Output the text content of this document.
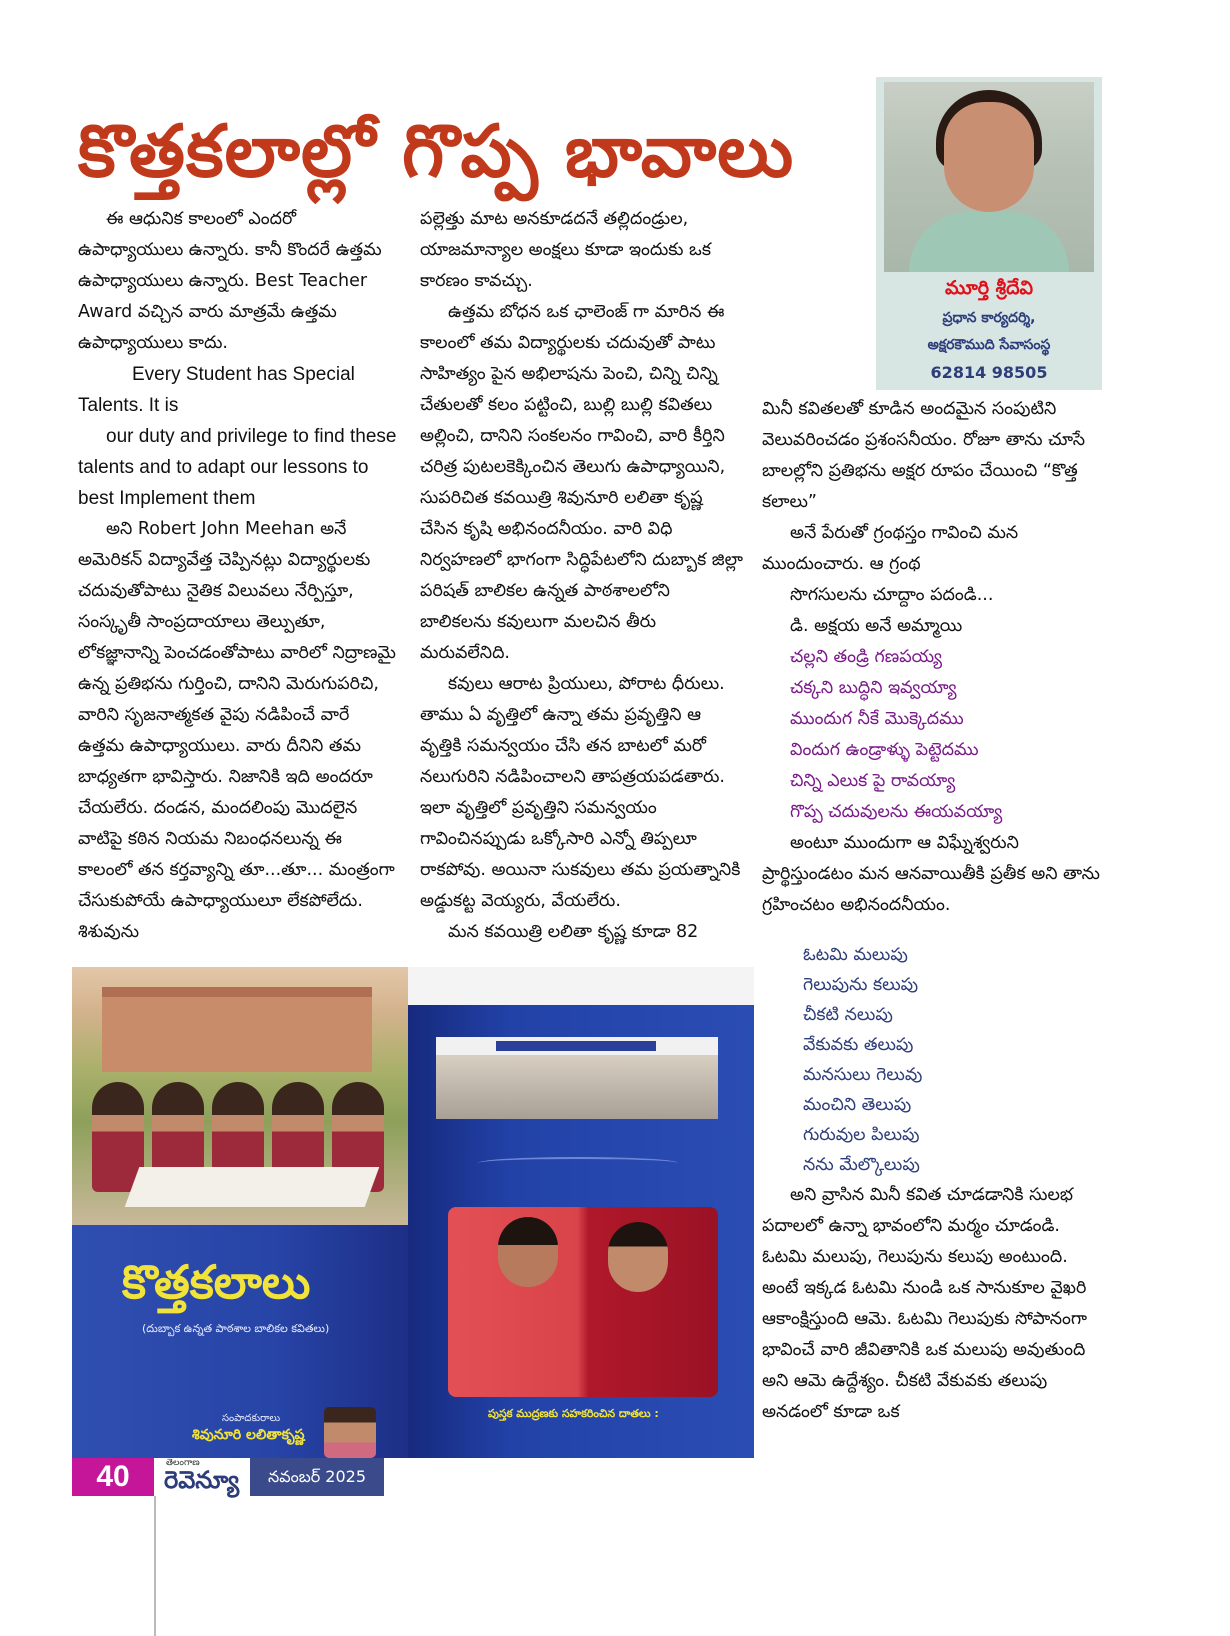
కొత్తకలాల్లో గొప్ప భావాలు
మూర్తి శ్రీదేవి
ప్రధాన కార్యదర్శి,
అక్షరకౌముది సేవాసంస్థ
62814 98505

ఈ ఆధునిక కాలంలో ఎందరో ఉపాధ్యాయులు ఉన్నారు. కానీ కొందరే ఉత్తమ ఉపాధ్యాయులు ఉన్నారు. Best Teacher Award వచ్చిన వారు మాత్రమే ఉత్తమ ఉపాధ్యాయులు కాదు.

Every Student has Special Talents. It is

our duty and privilege to find these talents and to adapt our lessons to best Implement them

అని Robert John Meehan అనే అమెరికన్ విద్యావేత్త చెప్పినట్లు విద్యార్థులకు చదువుతోపాటు నైతిక విలువలు నేర్పిస్తూ, సంస్కృతీ సాంప్రదాయాలు తెల్పుతూ, లోకజ్ఞానాన్ని పెంచడంతోపాటు వారిలో నిద్రాణమై ఉన్న ప్రతిభను గుర్తించి, దానిని మెరుగుపరిచి, వారిని సృజనాత్మకత వైపు నడిపించే వారే ఉత్తమ ఉపాధ్యాయులు. వారు దీనిని తమ బాధ్యతగా భావిస్తారు. నిజానికి ఇది అందరూ చేయలేరు. దండన, మందలింపు మొదలైన వాటిపై కఠిన నియమ నిబంధనలున్న ఈ కాలంలో తన కర్తవ్యాన్ని తూ...తూ... మంత్రంగా చేసుకుపోయే ఉపాధ్యాయులూ లేకపోలేదు. శిశువును

పల్లెత్తు మాట అనకూడదనే తల్లిదండ్రుల, యాజమాన్యాల అంక్షలు కూడా ఇందుకు ఒక కారణం కావచ్చు.

ఉత్తమ బోధన ఒక ఛాలెంజ్ గా మారిన ఈ కాలంలో తమ విద్యార్థులకు చదువుతో పాటు సాహిత్యం పైన అభిలాషను పెంచి, చిన్ని చిన్ని చేతులతో కలం పట్టించి, బుల్లి బుల్లి కవితలు అల్లించి, దానిని సంకలనం గావించి, వారి కీర్తిని చరిత్ర పుటలకెక్కించిన తెలుగు ఉపాధ్యాయిని, సుపరిచిత కవయిత్రి శివునూరి లలితా కృష్ణ చేసిన కృషి అభినందనీయం. వారి విధి నిర్వహణలో భాగంగా సిద్ధిపేటలోని దుబ్బాక జిల్లా పరిషత్ బాలికల ఉన్నత పాఠశాలలోని బాలికలను కవులుగా మలచిన తీరు మరువలేనిది.

కవులు ఆరాట ప్రియులు, పోరాట ధీరులు. తాము ఏ వృత్తిలో ఉన్నా తమ ప్రవృత్తిని ఆ వృత్తికి సమన్వయం చేసి తన బాటలో మరో నలుగురిని నడిపించాలని తాపత్రయపడతారు. ఇలా వృత్తిలో ప్రవృత్తిని సమన్వయం గావించినప్పుడు ఒక్కోసారి ఎన్నో తిప్పలూ రాకపోవు. అయినా సుకవులు తమ ప్రయత్నానికి అడ్డుకట్ట వెయ్యరు, వేయలేరు.

మన కవయిత్రి లలితా కృష్ణ కూడా 82

మినీ కవితలతో కూడిన అందమైన సంపుటిని వెలువరించడం ప్రశంసనీయం. రోజూ తాను చూసే బాలల్లోని ప్రతిభను అక్షర రూపం చేయించి “కొత్త కలాలు”

అనే పేరుతో గ్రంథస్తం గావించి మన ముందుంచారు. ఆ గ్రంథ

సొగసులను చూద్దాం పదండి...

డి. అక్షయ అనే అమ్మాయి

చల్లని తండ్రి గణపయ్య

చక్కని బుద్ధిని ఇవ్వయ్యా

ముందుగ నీకే మొక్కెదము

విందుగ ఉండ్రాళ్ళు పెట్టెదము

చిన్ని ఎలుక పై రావయ్యా

గొప్ప చదువులను ఈయవయ్యా

అంటూ ముందుగా ఆ విఘ్నేశ్వరుని ప్రార్థిస్తుండటం మన ఆనవాయితీకి ప్రతీక అని తాను గ్రహించటం అభినందనీయం.

ఓటమి మలుపు
గెలుపును కలుపు
చీకటి నలుపు
వేకువకు తలుపు
మనసులు గెలువు
మంచిని తెలుపు
గురువుల పిలుపు
నను మేల్కొలుపు

అని వ్రాసిన మినీ కవిత చూడడానికి సులభ పదాలలో ఉన్నా భావంలోని మర్మం చూడండి. ఓటమి మలుపు, గెలుపును కలుపు అంటుంది. అంటే ఇక్కడ ఓటమి నుండి ఒక సానుకూల వైఖరి ఆకాంక్షిస్తుంది ఆమె. ఓటమి గెలుపుకు సోపానంగా భావించే వారి జీవితానికి ఒక మలుపు అవుతుంది అని ఆమె ఉద్దేశ్యం. చీకటి వేకువకు తలుపు అనడంలో కూడా ఒక

కొత్తకలాలు
(దుబ్బాక ఉన్నత పాఠశాల బాలికల కవితలు)
సంపాదకురాలు
శివునూరి లలితాకృష్ణ
పుస్తక ముద్రణకు సహకరించిన దాతలు :
40	తెలంగాణ
రెవెన్యూ	నవంబర్ 2025
